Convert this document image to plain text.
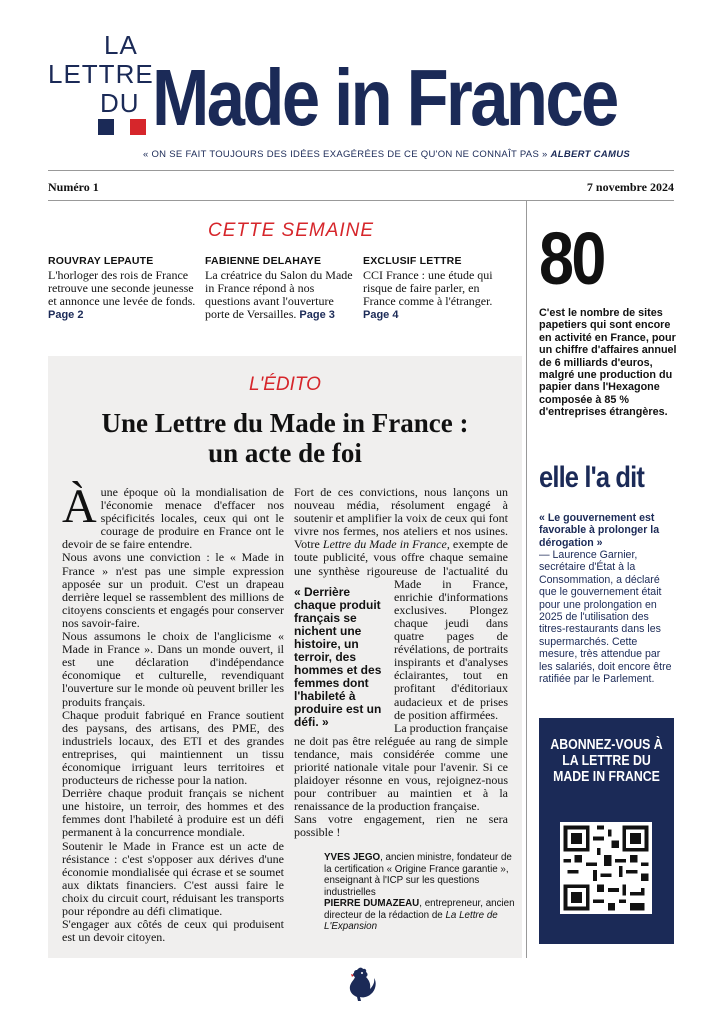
LA
LETTRE
DU Made in France
« ON SE FAIT TOUJOURS DES IDÉES EXAGÉRÉES DE CE QU'ON NE CONNAÎT PAS » ALBERT CAMUS
Numéro 1	7 novembre 2024
CETTE SEMAINE
ROUVRAY LEPAUTE
L'horloger des rois de France retrouve une seconde jeunesse et annonce une levée de fonds. Page 2
FABIENNE DELAHAYE
La créatrice du Salon du Made in France répond à nos questions avant l'ouverture porte de Versailles. Page 3
EXCLUSIF LETTRE
CCI France : une étude qui risque de faire parler, en France comme à l'étranger. Page 4
L'ÉDITO
Une Lettre du Made in France :
un acte de foi

À une époque où la mondialisation de l'économie menace d'effacer nos spécificités locales, ceux qui ont le courage de produire en France ont le devoir de se faire entendre.

Nous avons une conviction : le « Made in France » n'est pas une simple expression apposée sur un produit. C'est un drapeau derrière lequel se rassemblent des millions de citoyens conscients et engagés pour conserver nos savoir-faire.

Nous assumons le choix de l'anglicisme « Made in France ». Dans un monde ouvert, il est une déclaration d'indépendance économique et culturelle, revendiquant l'ouverture sur le monde où peuvent briller les produits français.

Chaque produit fabriqué en France soutient des paysans, des artisans, des PME, des industriels locaux, des ETI et des grandes entreprises, qui maintiennent un tissu économique irriguant leurs territoires et producteurs de richesse pour la nation.

Derrière chaque produit français se nichent une histoire, un terroir, des hommes et des femmes dont l'habileté à produire est un défi permanent à la concurrence mondiale.

Soutenir le Made in France est un acte de résistance : c'est s'opposer aux dérives d'une économie mondialisée qui écrase et se soumet aux diktats financiers. C'est aussi faire le choix du circuit court, réduisant les transports pour répondre au défi climatique.

S'engager aux côtés de ceux qui produisent est un devoir citoyen.

« Derrière chaque produit français se nichent une histoire, un terroir, des hommes et des femmes dont l'habileté à produire est un défi. »

Fort de ces convictions, nous lançons un nouveau média, résolument engagé à soutenir et amplifier la voix de ceux qui font vivre nos fermes, nos ateliers et nos usines. Votre Lettre du Made in France, exempte de toute publicité, vous offre chaque semaine une synthèse rigoureuse de l'actualité du Made in France, enrichie d'informations exclusives. Plongez chaque jeudi dans quatre pages de révélations, de portraits inspirants et d'analyses éclairantes, tout en profitant d'éditoriaux audacieux et de prises de position affirmées.

La production française ne doit pas être reléguée au rang de simple tendance, mais considérée comme une priorité nationale vitale pour l'avenir. Si ce plaidoyer résonne en vous, rejoignez-nous pour contribuer au maintien et à la renaissance de la production française.

Sans votre engagement, rien ne sera possible !

YVES JEGO, ancien ministre, fondateur de la certification « Origine France garantie », enseignant à l'ICP sur les questions industrielles
PIERRE DUMAZEAU, entrepreneur, ancien directeur de la rédaction de La Lettre de L'Expansion
80
C'est le nombre de sites papetiers qui sont encore en activité en France, pour un chiffre d'affaires annuel de 6 milliards d'euros, malgré une production du papier dans l'Hexagone composée à 85 % d'entreprises étrangères.
elle l'a dit
« Le gouvernement est favorable à prolonger la dérogation »
— Laurence Garnier, secrétaire d'État à la Consommation, a déclaré que le gouvernement était pour une prolongation en 2025 de l'utilisation des titres-restaurants dans les supermarchés. Cette mesure, très attendue par les salariés, doit encore être ratifiée par le Parlement.
ABONNEZ-VOUS À LA LETTRE DU MADE IN FRANCE
